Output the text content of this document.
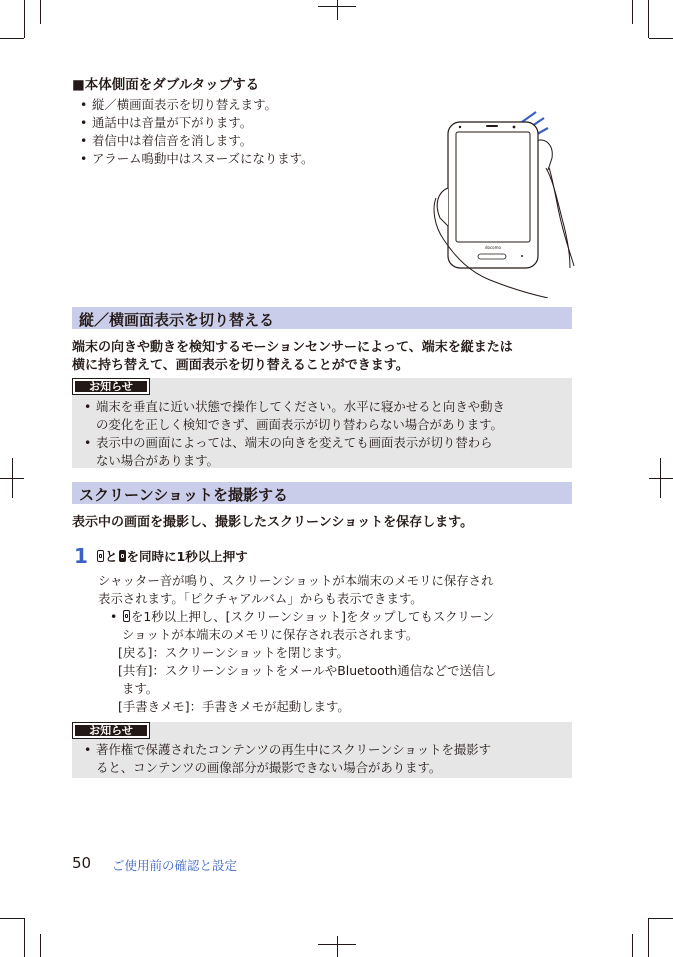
■本体側面をダブルタップする
• 縦／横画面表示を切り替えます。
• 通話中は音量が下がります。
• 着信中は着信音を消します。
• アラーム鳴動中はスヌーズになります。
docomo
縦／横画面表示を切り替える
端末の向きや動きを検知するモーションセンサーによって、端末を縦または
横に持ち替えて、画面表示を切り替えることができます。
お知らせ
• 端末を垂直に近い状態で操作してください。水平に寝かせると向きや動き
の変化を正しく検知できず、画面表示が切り替わらない場合があります。
• 表示中の画面によっては、端末の向きを変えても画面表示が切り替わら
ない場合があります。
スクリーンショットを撮影する
表示中の画面を撮影し、撮影したスクリーンショットを保存します。
1	と を同時に1秒以上押す
シャッター音が鳴り、スクリーンショットが本端末のメモリに保存され
表示されます。「ピクチャアルバム」からも表示できます。
• を1秒以上押し、[スクリーンショット]をタップしてもスクリーン
ショットが本端末のメモリに保存され表示されます。
[戻る]：スクリーンショットを閉じます。
[共有]：スクリーンショットをメールやBluetooth通信などで送信し
ます。
[手書きメモ]：手書きメモが起動します。
お知らせ
• 著作権で保護されたコンテンツの再生中にスクリーンショットを撮影す
ると、コンテンツの画像部分が撮影できない場合があります。
50 ご使用前の確認と設定
